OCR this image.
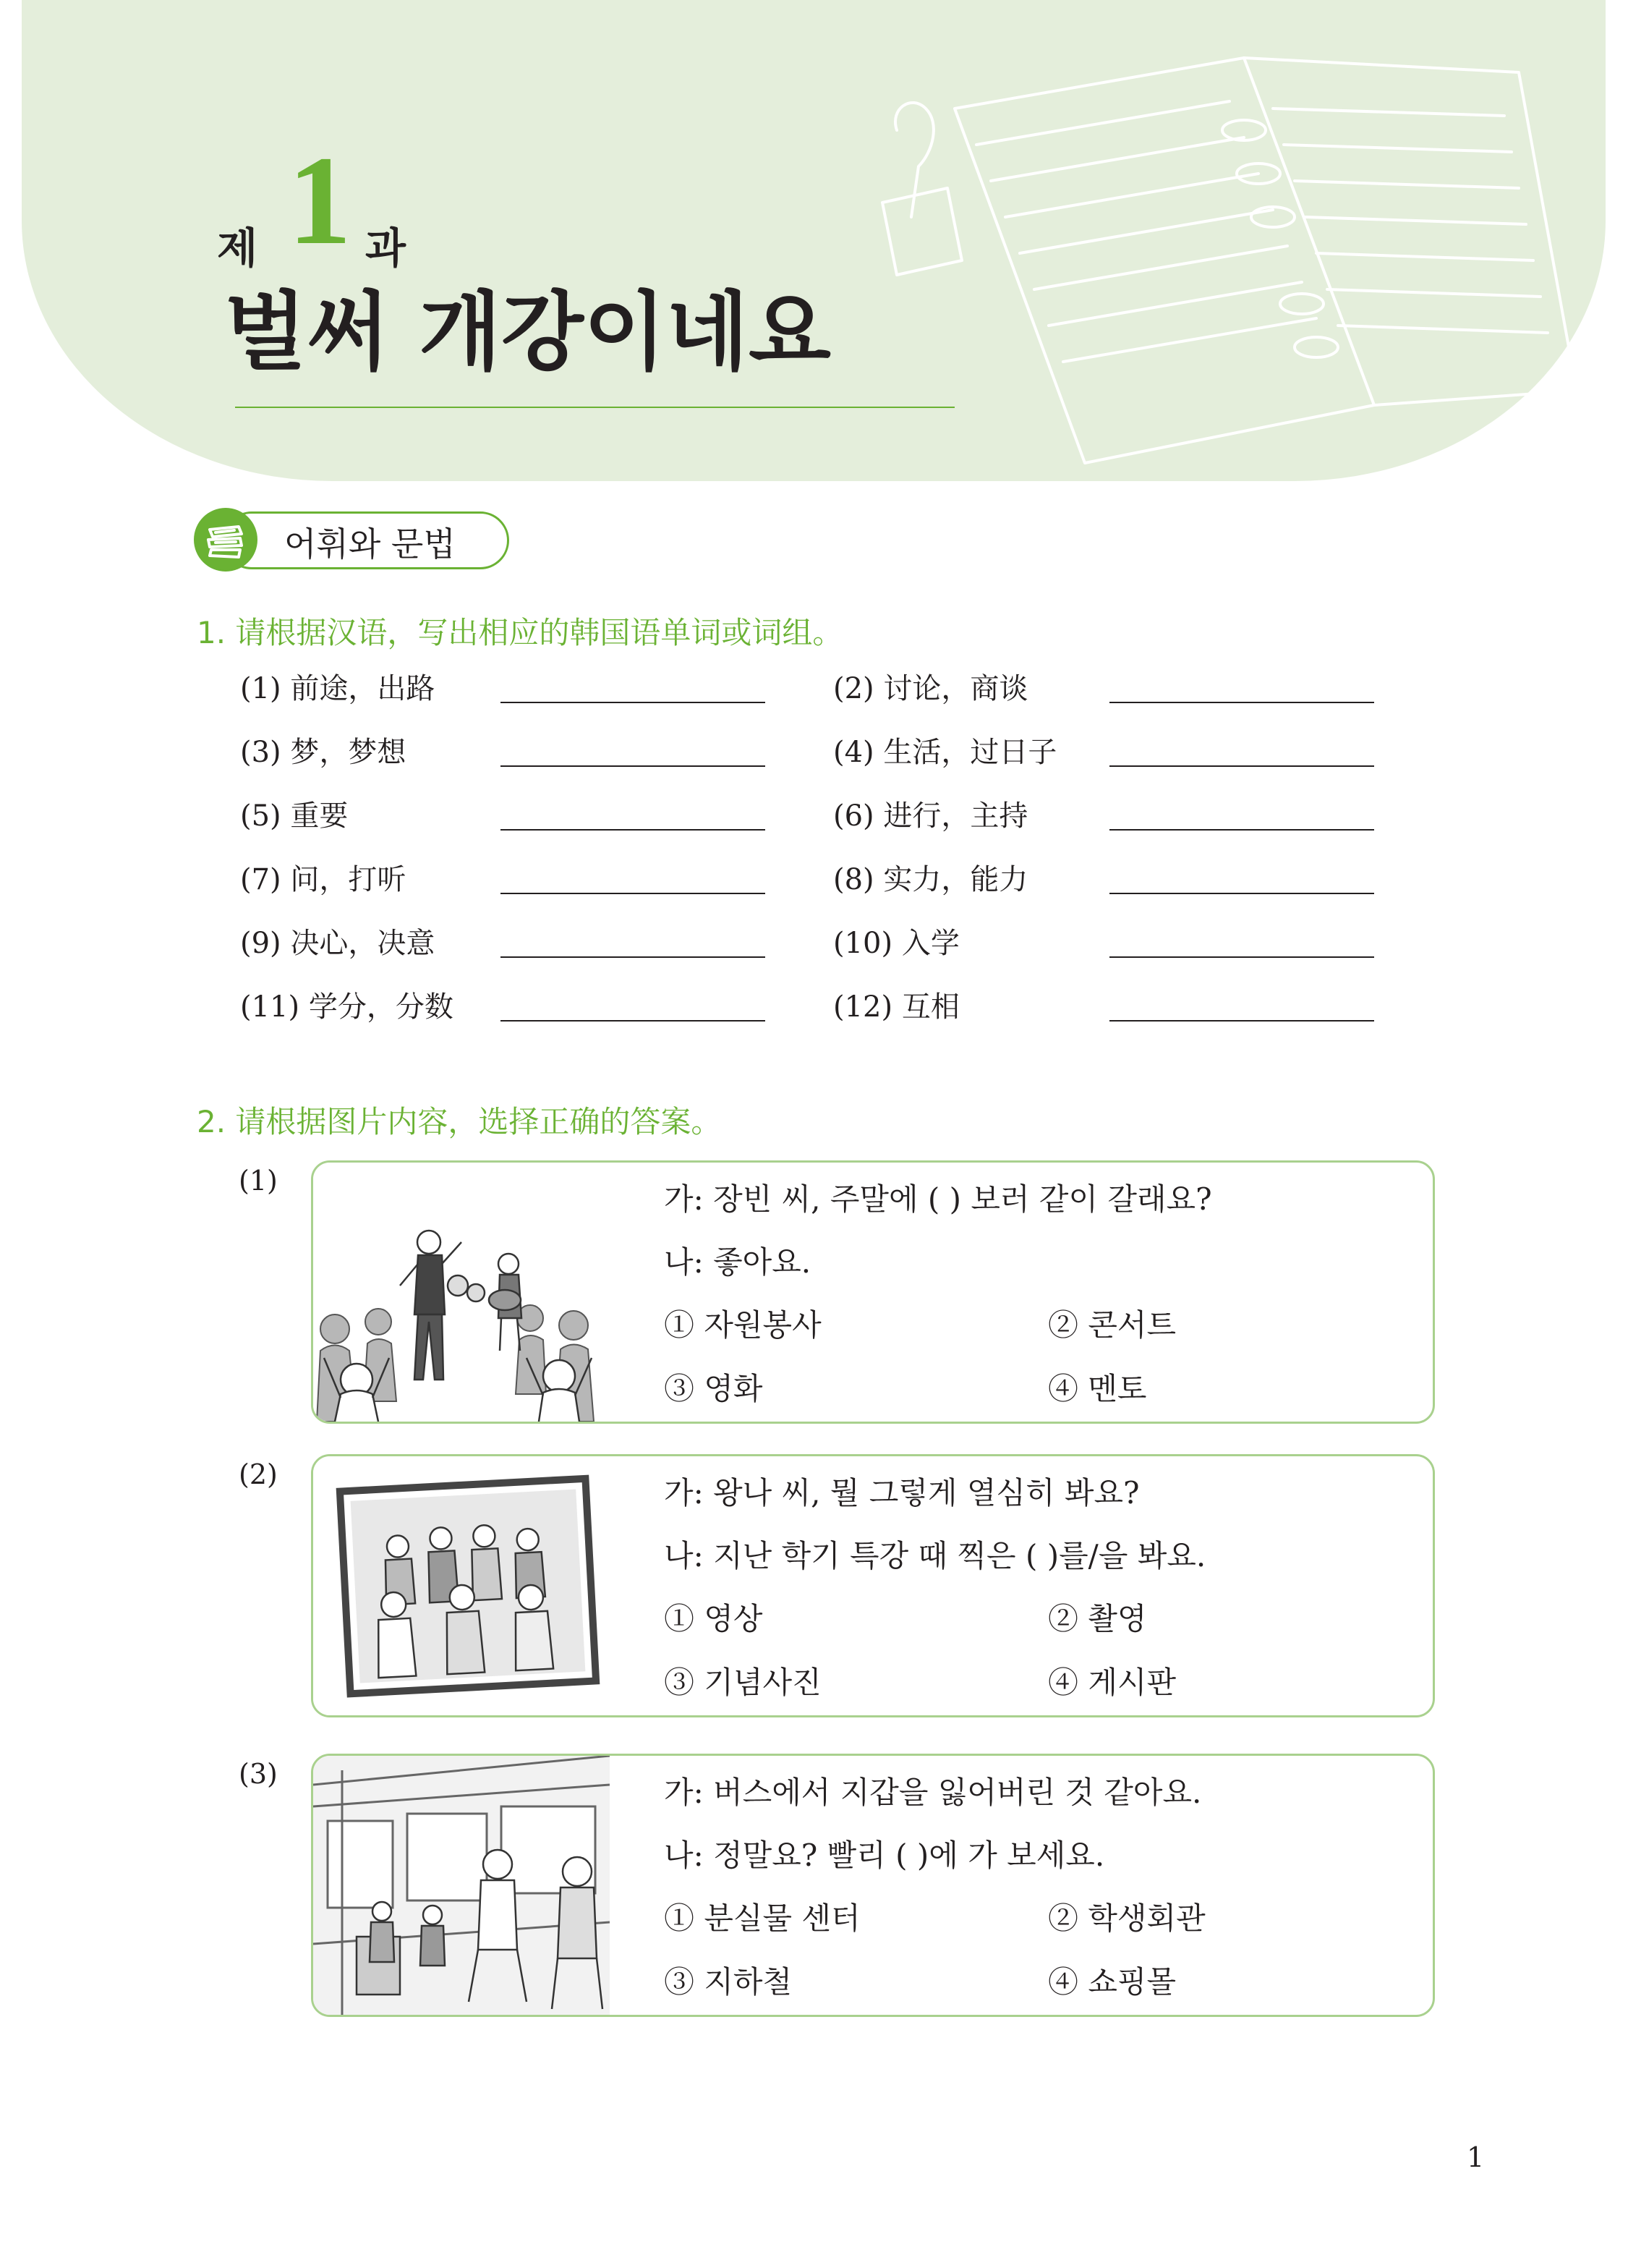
제 1 과
벌써 개강이네요
어휘와 문법
1. 请根据汉语，写出相应的韩国语单词或词组。
(1) 前途，出路	(2) 讨论，商谈
(3) 梦，梦想	(4) 生活，过日子
(5) 重要	(6) 进行，主持
(7) 问，打听	(8) 实力，能力
(9) 决心，决意	(10) 入学
(11) 学分，分数	(12) 互相
2. 请根据图片内容，选择正确的答案。
(1)
가: 장빈 씨, 주말에 ( ) 보러 같이 갈래요?
나: 좋아요.
① 자원봉사	② 콘서트
③ 영화	④ 멘토
(2)
가: 왕나 씨, 뭘 그렇게 열심히 봐요?
나: 지난 학기 특강 때 찍은 ( )를/을 봐요.
① 영상	② 촬영
③ 기념사진	④ 게시판
(3)
가: 버스에서 지갑을 잃어버린 것 같아요.
나: 정말요? 빨리 ( )에 가 보세요.
① 분실물 센터	② 학생회관
③ 지하철	④ 쇼핑몰
1
